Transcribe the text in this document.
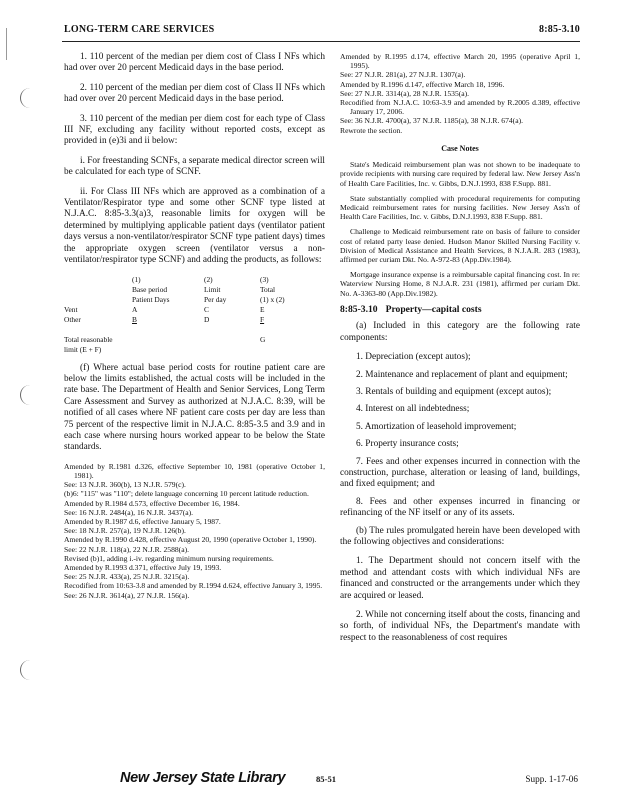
LONG-TERM CARE SERVICES	8:85-3.10

1. 110 percent of the median per diem cost of Class I NFs which had over over 20 percent Medicaid days in the base period.

2. 110 percent of the median per diem cost of Class II NFs which had over over 20 percent Medicaid days in the base period.

3. 110 percent of the median per diem cost for each type of Class III NF, excluding any facility without reported costs, except as provided in (e)3i and ii below:

i. For freestanding SCNFs, a separate medical director screen will be calculated for each type of SCNF.

ii. For Class III NFs which are approved as a combination of a Ventilator/Respirator type and some other SCNF type listed at N.J.A.C. 8:85-3.3(a)3, reasonable limits for oxygen will be determined by multiplying applicable patient days (ventilator patient days versus a non-ventilator/respirator SCNF type patient days) times the appropriate oxygen screen (ventilator versus a non-ventilator/respirator type SCNF) and adding the products, as follows:

	(1)	(2)	(3)
	Base period	Limit	Total
	Patient Days	Per day	(1) x (2)
Vent	A	C	E
Other	B	D	F

Total reasonable			G
limit (E + F)			

(f) Where actual base period costs for routine patient care are below the limits established, the actual costs will be included in the rate base. The Department of Health and Senior Services, Long Term Care Assessment and Survey as authorized at N.J.A.C. 8:39, will be notified of all cases where NF patient care costs per day are less than 75 percent of the respective limit in N.J.A.C. 8:85-3.5 and 3.9 and in each case where nursing hours worked appear to be below the State standards.

Amended by R.1981 d.326, effective September 10, 1981 (operative October 1, 1981).

See: 13 N.J.R. 360(b), 13 N.J.R. 579(c).

(b)6: "115" was "110"; delete language concerning 10 percent latitude reduction.

Amended by R.1984 d.573, effective December 16, 1984.

See: 16 N.J.R. 2484(a), 16 N.J.R. 3437(a).

Amended by R.1987 d.6, effective January 5, 1987.

See: 18 N.J.R. 257(a), 19 N.J.R. 126(b).

Amended by R.1990 d.428, effective August 20, 1990 (operative October 1, 1990).

See: 22 N.J.R. 118(a), 22 N.J.R. 2588(a).

Revised (b)1, adding i.-iv. regarding minimum nursing requirements.

Amended by R.1993 d.371, effective July 19, 1993.

See: 25 N.J.R. 433(a), 25 N.J.R. 3215(a).

Recodified from 10:63-3.8 and amended by R.1994 d.624, effective January 3, 1995.

See: 26 N.J.R. 3614(a), 27 N.J.R. 156(a).

Amended by R.1995 d.174, effective March 20, 1995 (operative April 1, 1995).

See: 27 N.J.R. 281(a), 27 N.J.R. 1307(a).

Amended by R.1996 d.147, effective March 18, 1996.

See: 27 N.J.R. 3314(a), 28 N.J.R. 1535(a).

Recodified from N.J.A.C. 10:63-3.9 and amended by R.2005 d.389, effective January 17, 2006.

See: 36 N.J.R. 4700(a), 37 N.J.R. 1185(a), 38 N.J.R. 674(a).

Rewrote the section.

Case Notes

State's Medicaid reimbursement plan was not shown to be inadequate to provide recipients with nursing care required by federal law. New Jersey Ass'n of Health Care Facilities, Inc. v. Gibbs, D.N.J.1993, 838 F.Supp. 881.

State substantially complied with procedural requirements for computing Medicaid reimbursement rates for nursing facilities. New Jersey Ass'n of Health Care Facilities, Inc. v. Gibbs, D.N.J.1993, 838 F.Supp. 881.

Challenge to Medicaid reimbursement rate on basis of failure to consider cost of related party lease denied. Hudson Manor Skilled Nursing Facility v. Division of Medical Assistance and Health Services, 8 N.J.A.R. 283 (1983), affirmed per curiam Dkt. No. A-972-83 (App.Div.1984).

Mortgage insurance expense is a reimbursable capital financing cost. In re: Waterview Nursing Home, 8 N.J.A.R. 231 (1981), affirmed per curiam Dkt. No. A-3363-80 (App.Div.1982).

8:85-3.10 Property—capital costs

(a) Included in this category are the following rate components:

1. Depreciation (except autos);

2. Maintenance and replacement of plant and equipment;

3. Rentals of building and equipment (except autos);

4. Interest on all indebtedness;

5. Amortization of leasehold improvement;

6. Property insurance costs;

7. Fees and other expenses incurred in connection with the construction, purchase, alteration or leasing of land, buildings, and fixed equipment; and

8. Fees and other expenses incurred in financing or refinancing of the NF itself or any of its assets.

(b) The rules promulgated herein have been developed with the following objectives and considerations:

1. The Department should not concern itself with the method and attendant costs with which individual NFs are financed and constructed or the arrangements under which they are acquired or leased.

2. While not concerning itself about the costs, financing and so forth, of individual NFs, the Department's mandate with respect to the reasonableness of cost requires

New Jersey State Library	85-51	Supp. 1-17-06
